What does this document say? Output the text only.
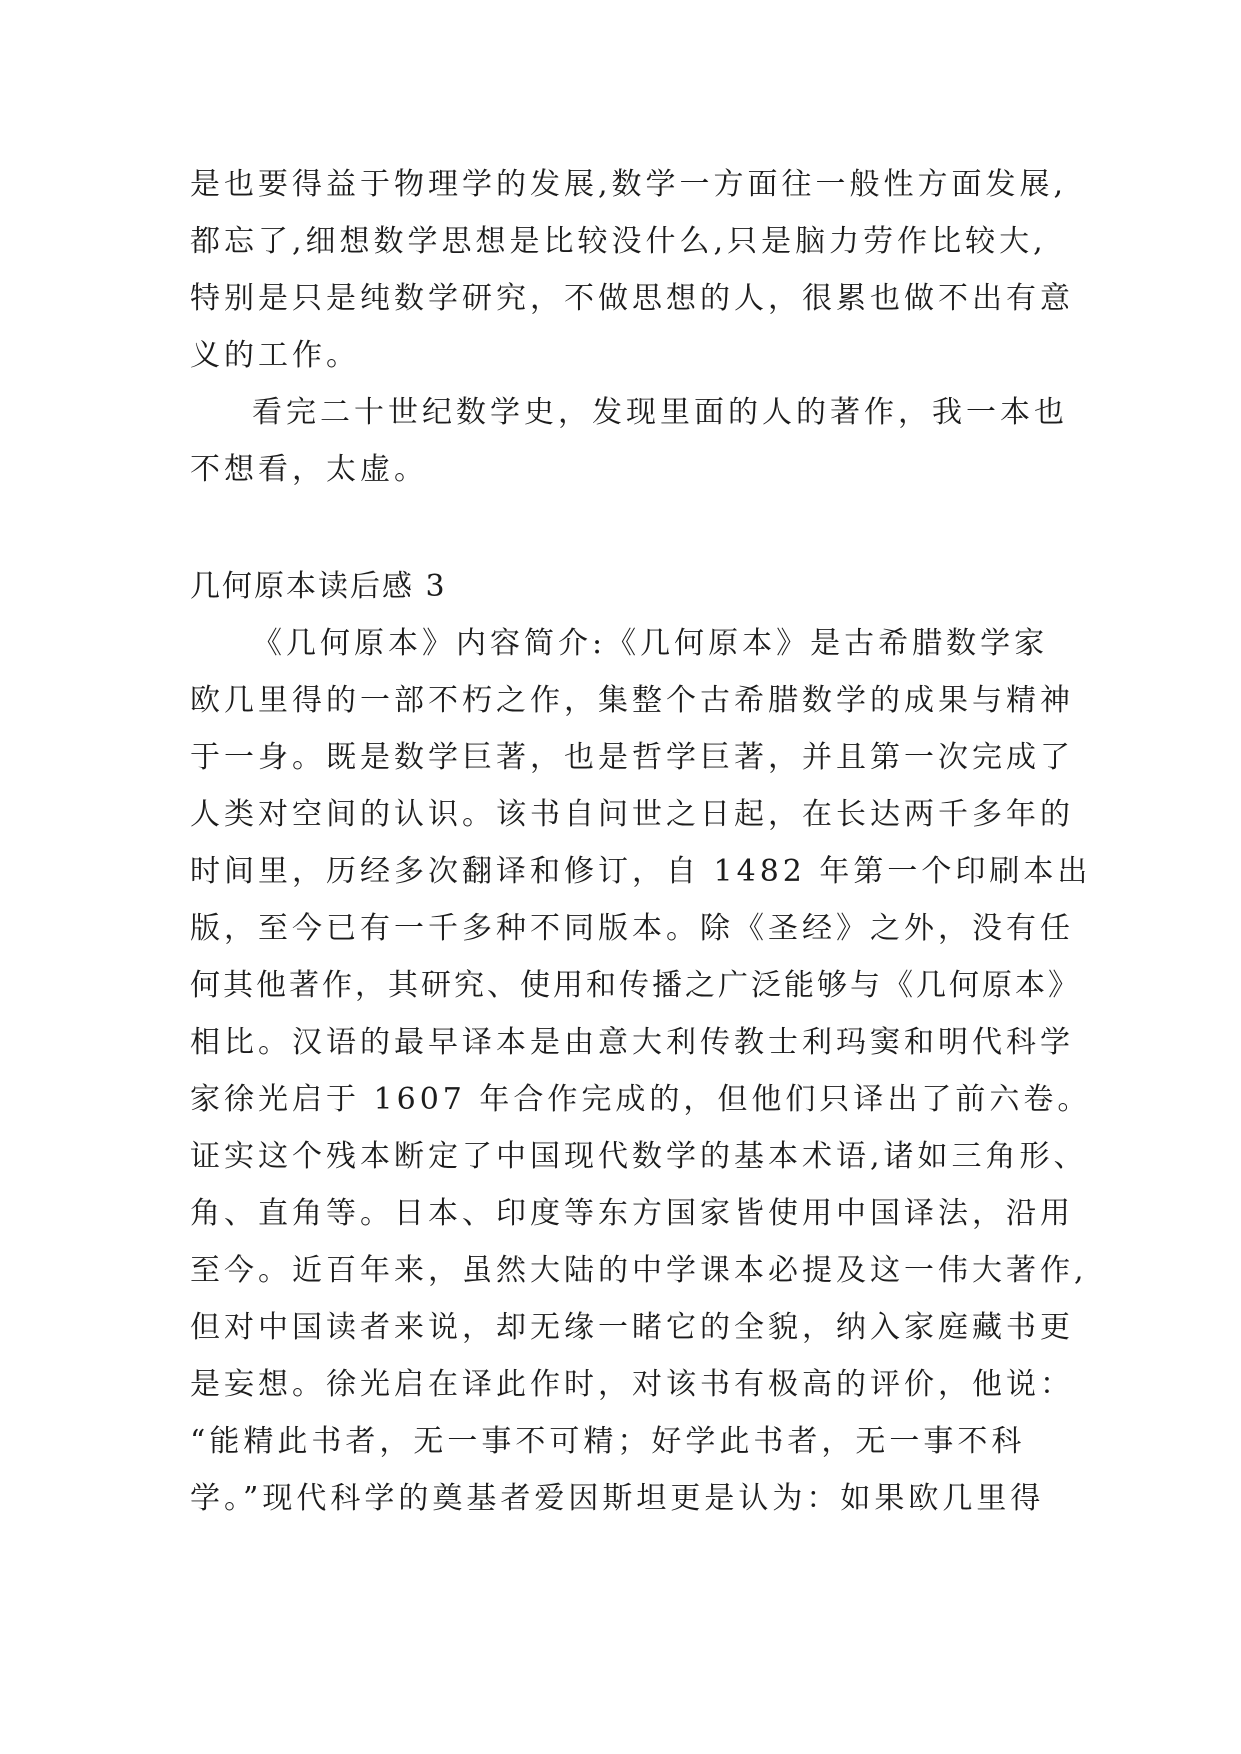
是也要得益于物理学的发展,数学一方面往一般性方面发展,
都忘了,细想数学思想是比较没什么,只是脑力劳作比较大,
特别是只是纯数学研究，不做思想的人，很累也做不出有意
义的工作。
看完二十世纪数学史，发现里面的人的著作，我一本也
不想看，太虚。
几何原本读后感 3
《几何原本》内容简介:《几何原本》是古希腊数学家
欧几里得的一部不朽之作，集整个古希腊数学的成果与精神
于一身。既是数学巨著，也是哲学巨著，并且第一次完成了
人类对空间的认识。该书自问世之日起，在长达两千多年的
时间里，历经多次翻译和修订，自 1482 年第一个印刷本出
版，至今已有一千多种不同版本。除《圣经》之外，没有任
何其他著作，其研究、使用和传播之广泛能够与《几何原本》
相比。汉语的最早译本是由意大利传教士利玛窦和明代科学
家徐光启于 1607 年合作完成的，但他们只译出了前六卷。
证实这个残本断定了中国现代数学的基本术语,诸如三角形、
角、直角等。日本、印度等东方国家皆使用中国译法，沿用
至今。近百年来，虽然大陆的中学课本必提及这一伟大著作,
但对中国读者来说，却无缘一睹它的全貌，纳入家庭藏书更
是妄想。徐光启在译此作时，对该书有极高的评价，他说：
“能精此书者，无一事不可精；好学此书者，无一事不科
学。”现代科学的奠基者爱因斯坦更是认为：如果欧几里得
